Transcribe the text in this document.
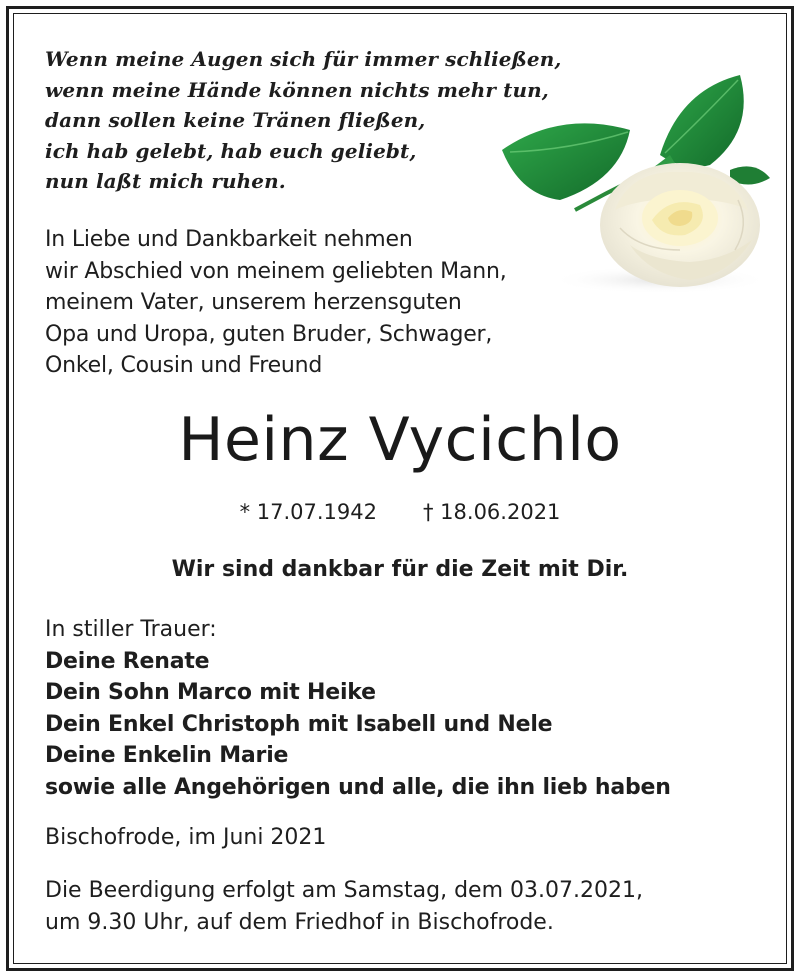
Wenn meine Augen sich für immer schließen,
wenn meine Hände können nichts mehr tun,
dann sollen keine Tränen fließen,
ich hab gelebt, hab euch geliebt,
nun laßt mich ruhen.
In Liebe und Dankbarkeit nehmen
wir Abschied von meinem geliebten Mann,
meinem Vater, unserem herzensguten
Opa und Uropa, guten Bruder, Schwager,
Onkel, Cousin und Freund
Heinz Vycichlo
* 17.07.1942 † 18.06.2021
Wir sind dankbar für die Zeit mit Dir.
In stiller Trauer:
Deine Renate
Dein Sohn Marco mit Heike
Dein Enkel Christoph mit Isabell und Nele
Deine Enkelin Marie
sowie alle Angehörigen und alle, die ihn lieb haben
Bischofrode, im Juni 2021
Die Beerdigung erfolgt am Samstag, dem 03.07.2021,
um 9.30 Uhr, auf dem Friedhof in Bischofrode.
